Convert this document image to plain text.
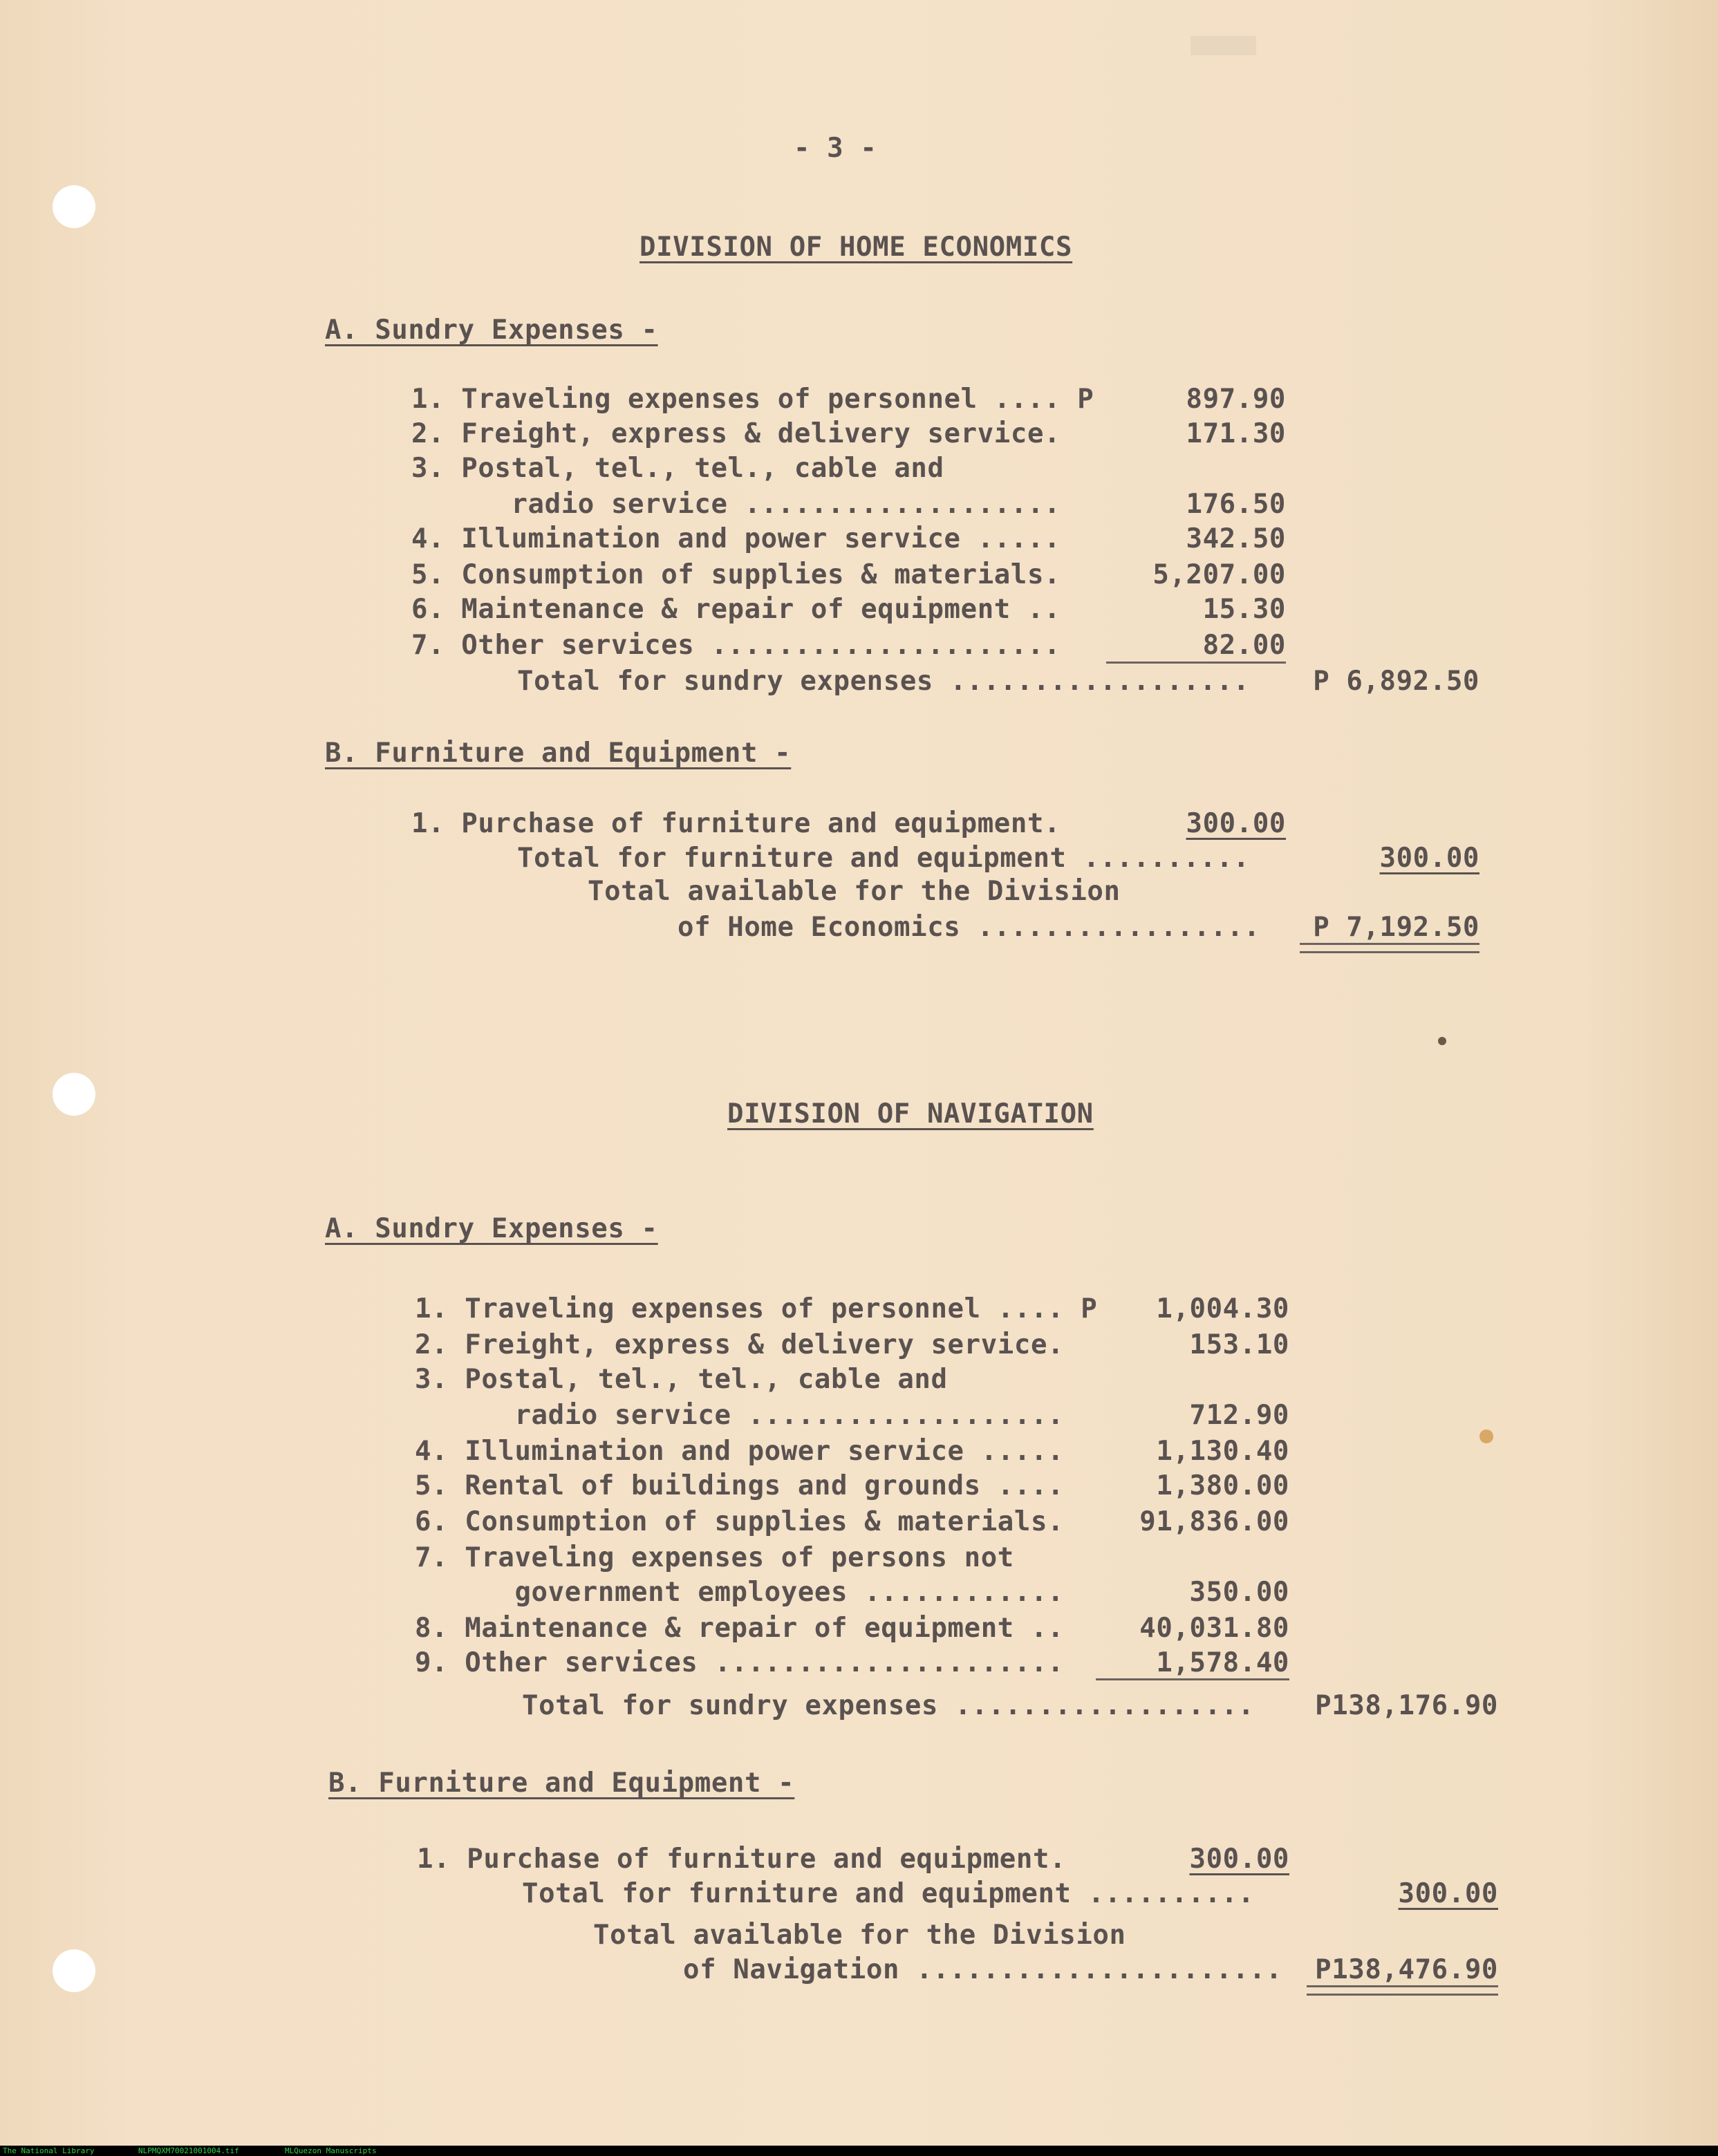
- 3 -
DIVISION OF HOME ECONOMICS
A. Sundry Expenses -
1. Traveling expenses of personnel .... P	897.90
2. Freight, express & delivery service.	171.30
3. Postal, tel., tel., cable and
radio service ...................	176.50
4. Illumination and power service .....	342.50
5. Consumption of supplies & materials.	5,207.00
6. Maintenance & repair of equipment ..	15.30
7. Other services .....................	82.00
Total for sundry expenses ..................	P 6,892.50
B. Furniture and Equipment -
1. Purchase of furniture and equipment.	300.00
Total for furniture and equipment ..........	300.00
Total available for the Division
of Home Economics .................	P 7,192.50
DIVISION OF NAVIGATION
A. Sundry Expenses -
1. Traveling expenses of personnel .... P	1,004.30
2. Freight, express & delivery service.	153.10
3. Postal, tel., tel., cable and
radio service ...................	712.90
4. Illumination and power service .....	1,130.40
5. Rental of buildings and grounds ....	1,380.00
6. Consumption of supplies & materials.	91,836.00
7. Traveling expenses of persons not
government employees ............	350.00
8. Maintenance & repair of equipment ..	40,031.80
9. Other services .....................	1,578.40
Total for sundry expenses ..................	P138,176.90
B. Furniture and Equipment -
1. Purchase of furniture and equipment.	300.00
Total for furniture and equipment ..........	300.00
Total available for the Division
of Navigation ......................	P138,476.90
The National Library	NLPMQXM70021001004.tif	MLQuezon Manuscripts
